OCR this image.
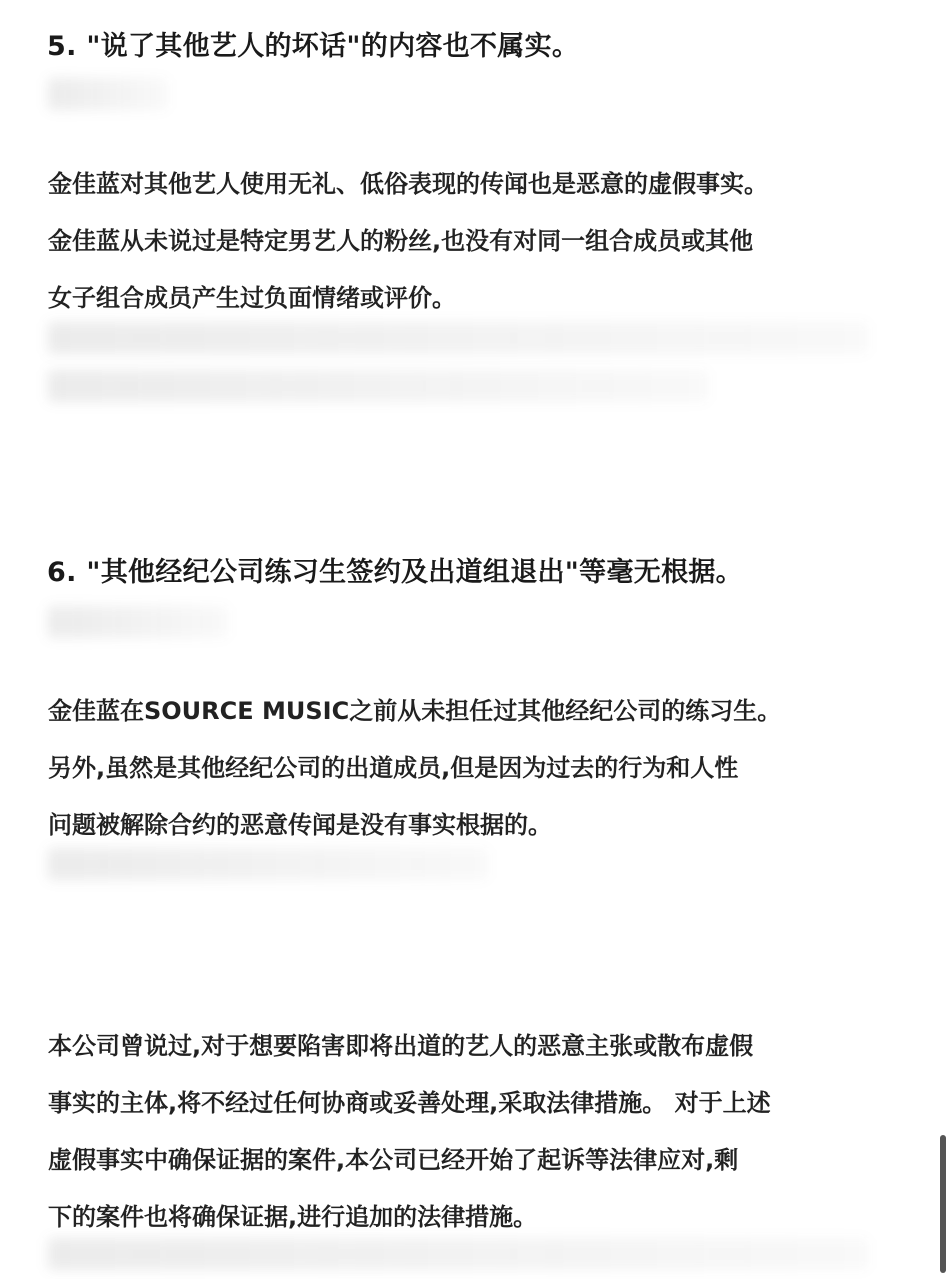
5. "说了其他艺人的坏话"的内容也不属实。
金佳蓝对其他艺人使用无礼、低俗表现的传闻也是恶意的虚假事实。
金佳蓝从未说过是特定男艺人的粉丝,也没有对同一组合成员或其他
女子组合成员产生过负面情绪或评价。
6. "其他经纪公司练习生签约及出道组退出"等毫无根据。
金佳蓝在SOURCE MUSIC之前从未担任过其他经纪公司的练习生。
另外,虽然是其他经纪公司的出道成员,但是因为过去的行为和人性
问题被解除合约的恶意传闻是没有事实根据的。
本公司曾说过,对于想要陷害即将出道的艺人的恶意主张或散布虚假
事实的主体,将不经过任何协商或妥善处理,采取法律措施。 对于上述
虚假事实中确保证据的案件,本公司已经开始了起诉等法律应对,剩
下的案件也将确保证据,进行追加的法律措施。
